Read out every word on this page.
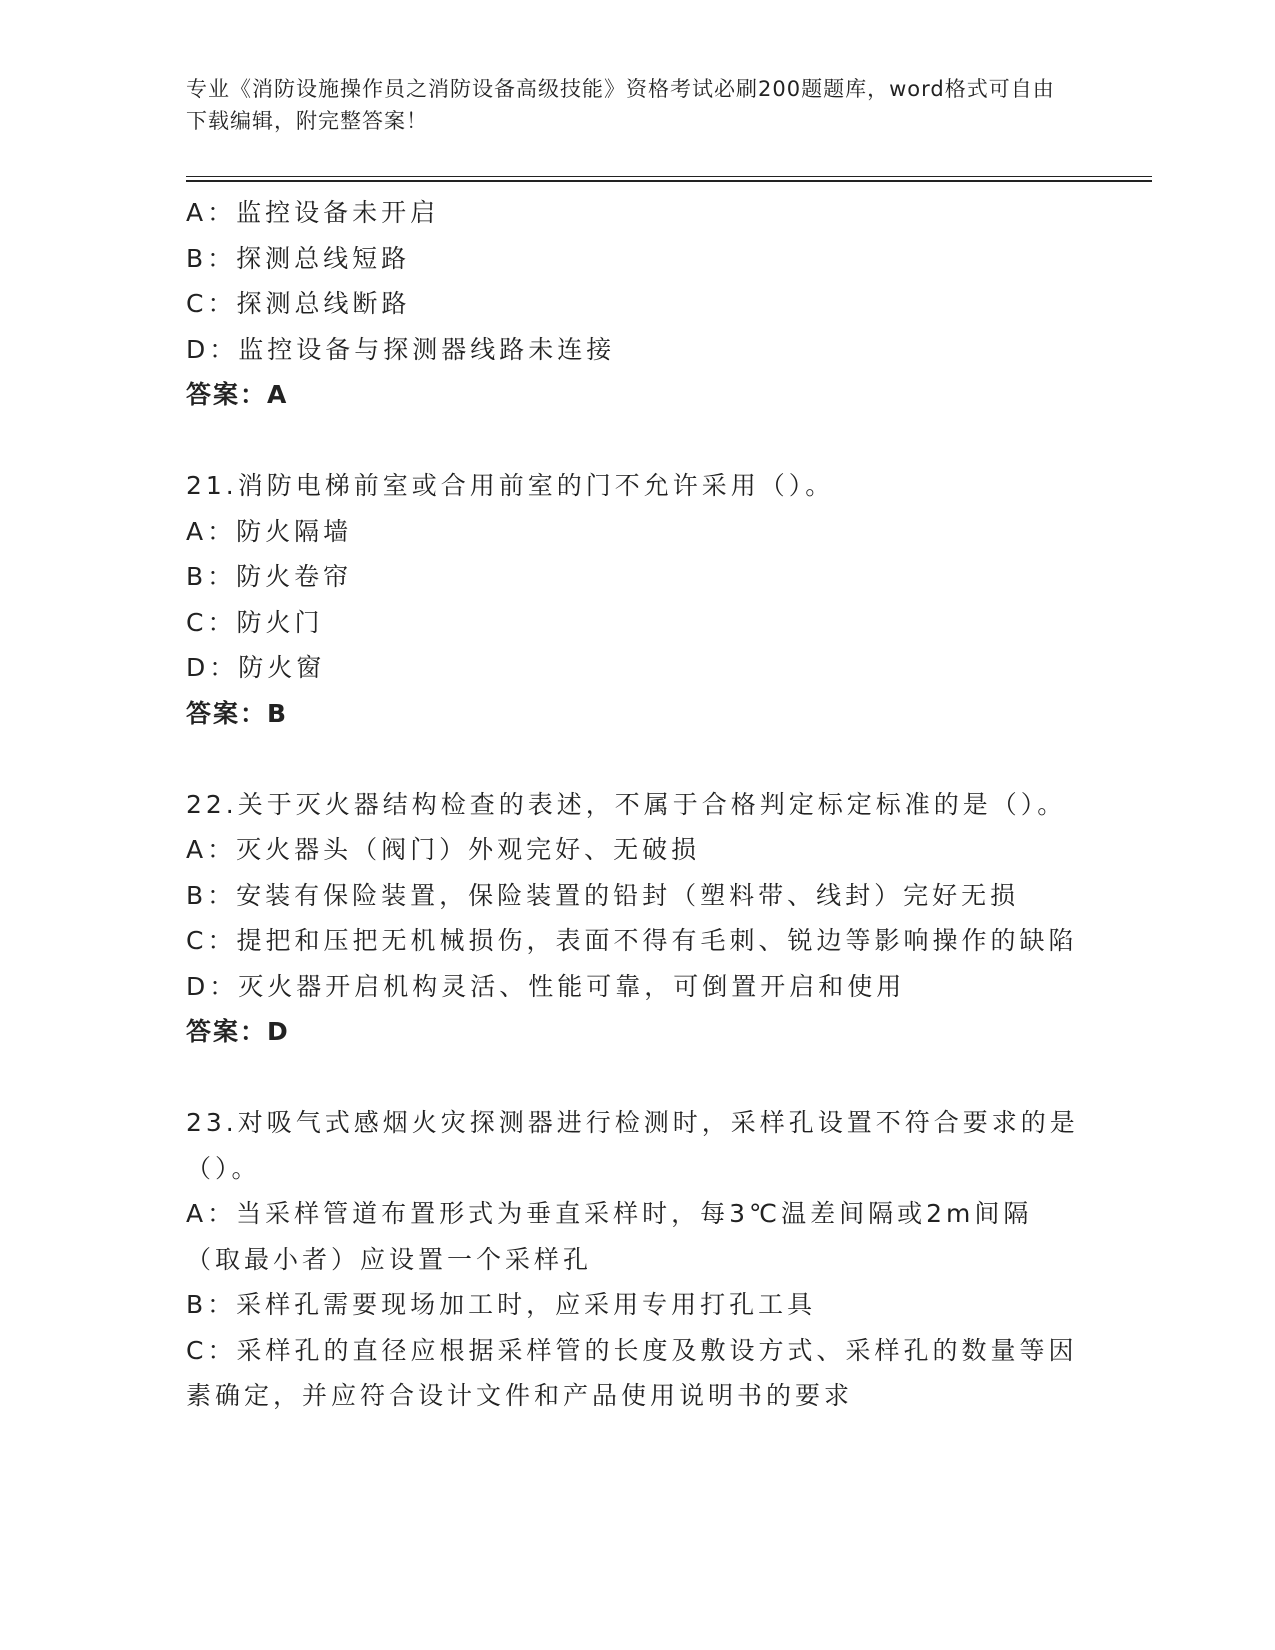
专业《消防设施操作员之消防设备高级技能》资格考试必刷200题题库，word格式可自由下载编辑，附完整答案！
A：监控设备未开启
B：探测总线短路
C：探测总线断路
D：监控设备与探测器线路未连接
答案：A
21.消防电梯前室或合用前室的门不允许采用（）。
A：防火隔墙
B：防火卷帘
C：防火门
D：防火窗
答案：B
22.关于灭火器结构检查的表述，不属于合格判定标定标准的是（）。
A：灭火器头（阀门）外观完好、无破损
B：安装有保险装置，保险装置的铅封（塑料带、线封）完好无损
C：提把和压把无机械损伤，表面不得有毛刺、锐边等影响操作的缺陷
D：灭火器开启机构灵活、性能可靠，可倒置开启和使用
答案：D
23.对吸气式感烟火灾探测器进行检测时，采样孔设置不符合要求的是（）。
A：当采样管道布置形式为垂直采样时，每3℃温差间隔或2m间隔（取最小者）应设置一个采样孔
B：采样孔需要现场加工时，应采用专用打孔工具
C：采样孔的直径应根据采样管的长度及敷设方式、采样孔的数量等因素确定，并应符合设计文件和产品使用说明书的要求
